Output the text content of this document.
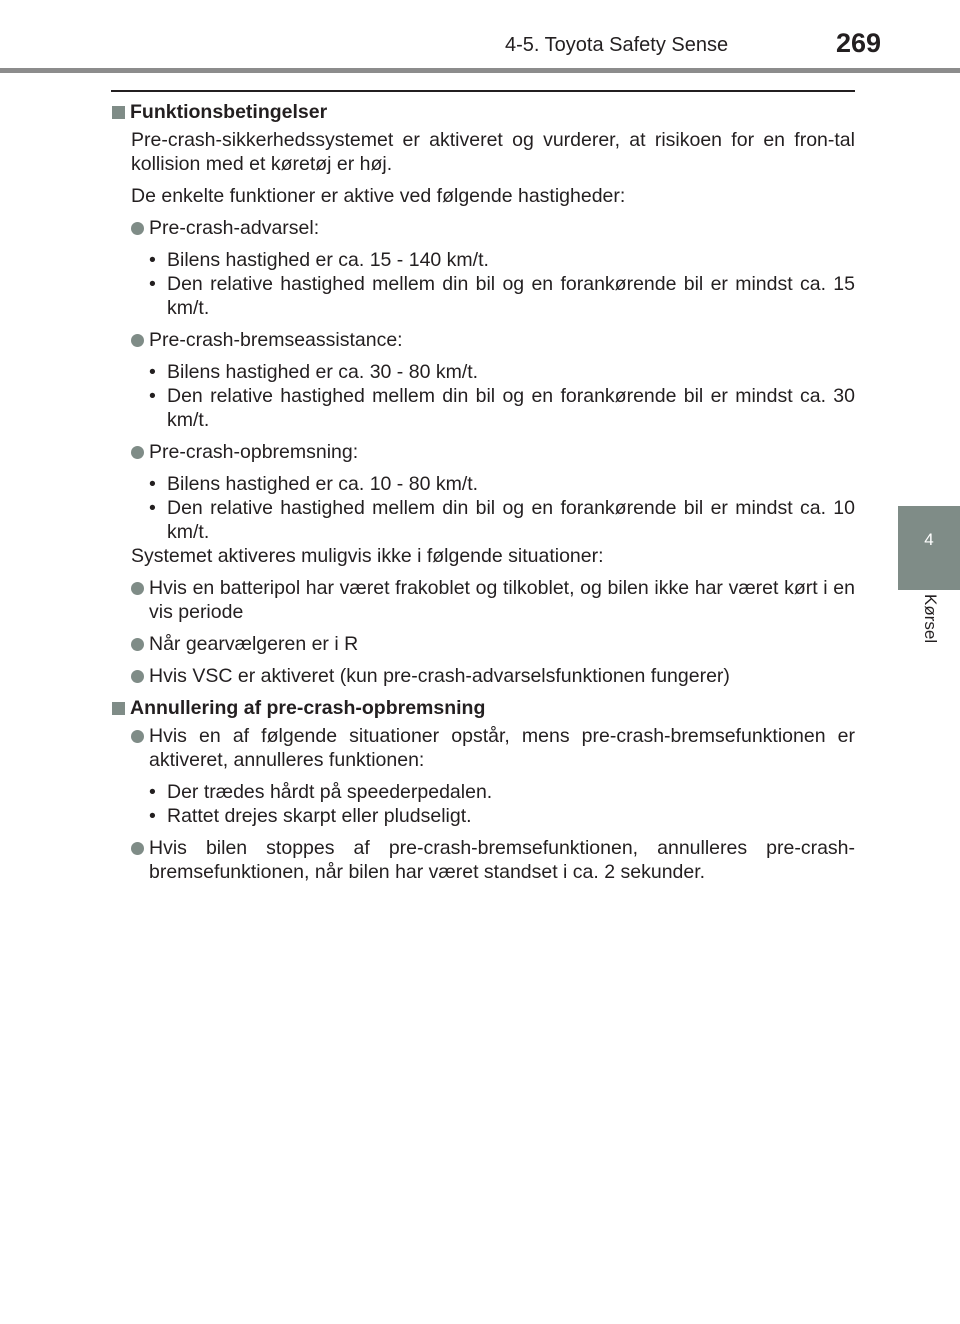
4-5. Toyota Safety Sense	269
4
Kørsel
Funktionsbetingelser

Pre-crash-sikkerhedssystemet er aktiveret og vurderer, at risikoen for en fron-tal kollision med et køretøj er høj.

De enkelte funktioner er aktive ved følgende hastigheder:

Pre-crash-advarsel:
• Bilens hastighed er ca. 15 - 140 km/t.
• Den relative hastighed mellem din bil og en forankørende bil er mindst ca. 15 km/t.
Pre-crash-bremseassistance:
• Bilens hastighed er ca. 30 - 80 km/t.
• Den relative hastighed mellem din bil og en forankørende bil er mindst ca. 30 km/t.
Pre-crash-opbremsning:
• Bilens hastighed er ca. 10 - 80 km/t.
• Den relative hastighed mellem din bil og en forankørende bil er mindst ca. 10 km/t.

Systemet aktiveres muligvis ikke i følgende situationer:

Hvis en batteripol har været frakoblet og tilkoblet, og bilen ikke har været kørt i en vis periode
Når gearvælgeren er i R
Hvis VSC er aktiveret (kun pre-crash-advarselsfunktionen fungerer)
Annullering af pre-crash-opbremsning
Hvis en af følgende situationer opstår, mens pre-crash-bremsefunktionen er aktiveret, annulleres funktionen:
• Der trædes hårdt på speederpedalen.
• Rattet drejes skarpt eller pludseligt.
Hvis bilen stoppes af pre-crash-bremsefunktionen, annulleres pre-crash-bremsefunktionen, når bilen har været standset i ca. 2 sekunder.
